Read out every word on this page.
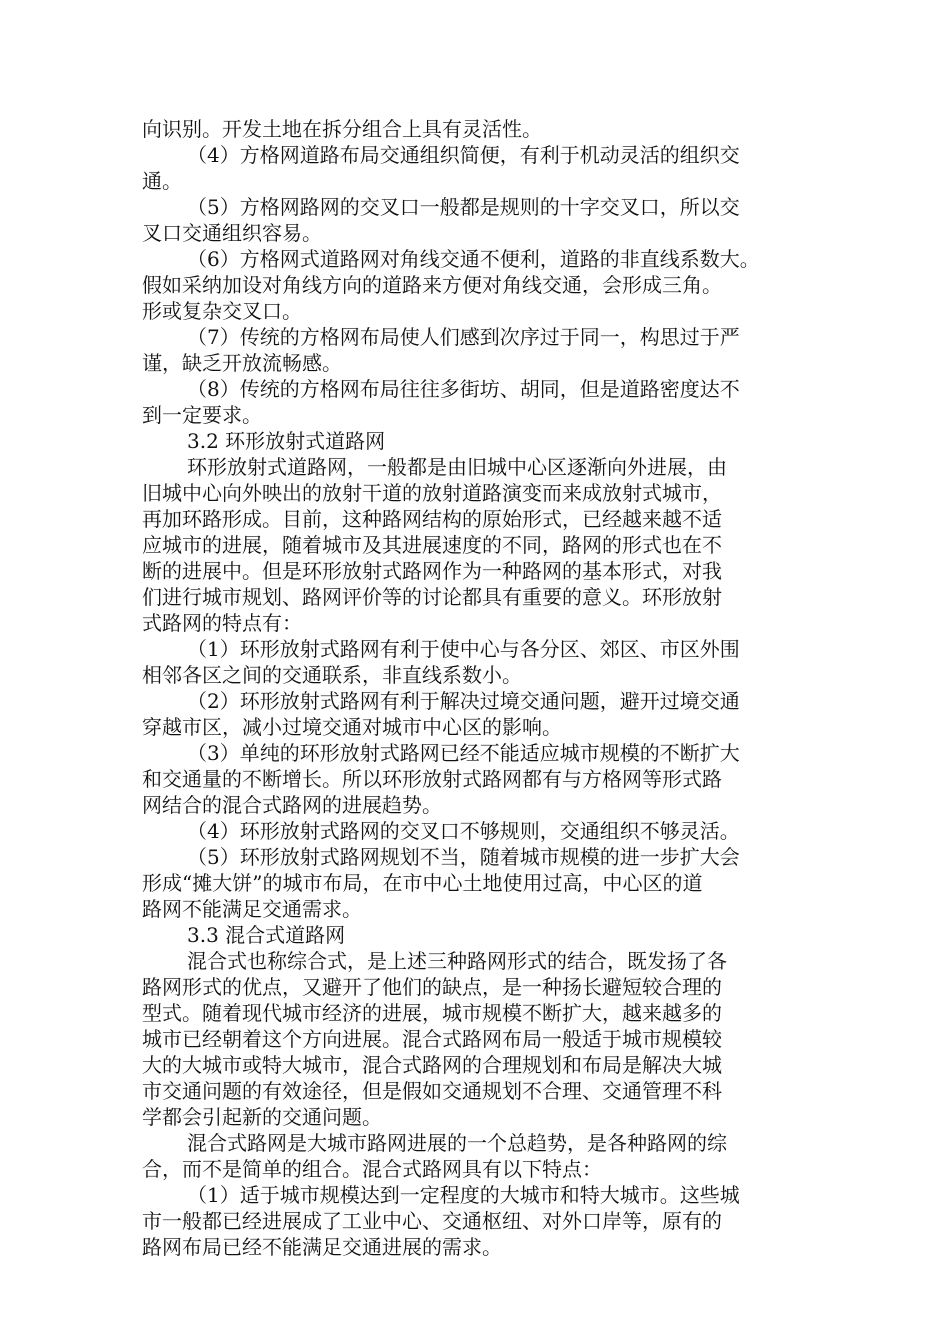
向识别。开发土地在拆分组合上具有灵活性。
（4）方格网道路布局交通组织简便，有利于机动灵活的组织交
通。
（5）方格网路网的交叉口一般都是规则的十字交叉口，所以交
叉口交通组织容易。
（6）方格网式道路网对角线交通不便利，道路的非直线系数大。
假如采纳加设对角线方向的道路来方便对角线交通，会形成三角。
形或复杂交叉口。
（7）传统的方格网布局使人们感到次序过于同一，构思过于严
谨，缺乏开放流畅感。
（8）传统的方格网布局往往多街坊、胡同，但是道路密度达不
到一定要求。
3.2 环形放射式道路网
环形放射式道路网，一般都是由旧城中心区逐渐向外进展，由
旧城中心向外映出的放射干道的放射道路演变而来成放射式城市，
再加环路形成。目前，这种路网结构的原始形式，已经越来越不适
应城市的进展，随着城市及其进展速度的不同，路网的形式也在不
断的进展中。但是环形放射式路网作为一种路网的基本形式，对我
们进行城市规划、路网评价等的讨论都具有重要的意义。环形放射
式路网的特点有：
（1）环形放射式路网有利于使中心与各分区、郊区、市区外围
相邻各区之间的交通联系，非直线系数小。
（2）环形放射式路网有利于解决过境交通问题，避开过境交通
穿越市区，减小过境交通对城市中心区的影响。
（3）单纯的环形放射式路网已经不能适应城市规模的不断扩大
和交通量的不断增长。所以环形放射式路网都有与方格网等形式路
网结合的混合式路网的进展趋势。
（4）环形放射式路网的交叉口不够规则，交通组织不够灵活。
（5）环形放射式路网规划不当，随着城市规模的进一步扩大会
形成“摊大饼”的城市布局，在市中心土地使用过高，中心区的道
路网不能满足交通需求。
3.3 混合式道路网
混合式也称综合式，是上述三种路网形式的结合，既发扬了各
路网形式的优点，又避开了他们的缺点，是一种扬长避短较合理的
型式。随着现代城市经济的进展，城市规模不断扩大，越来越多的
城市已经朝着这个方向进展。混合式路网布局一般适于城市规模较
大的大城市或特大城市，混合式路网的合理规划和布局是解决大城
市交通问题的有效途径，但是假如交通规划不合理、交通管理不科
学都会引起新的交通问题。
混合式路网是大城市路网进展的一个总趋势，是各种路网的综
合，而不是简单的组合。混合式路网具有以下特点：
（1）适于城市规模达到一定程度的大城市和特大城市。这些城
市一般都已经进展成了工业中心、交通枢纽、对外口岸等，原有的
路网布局已经不能满足交通进展的需求。
